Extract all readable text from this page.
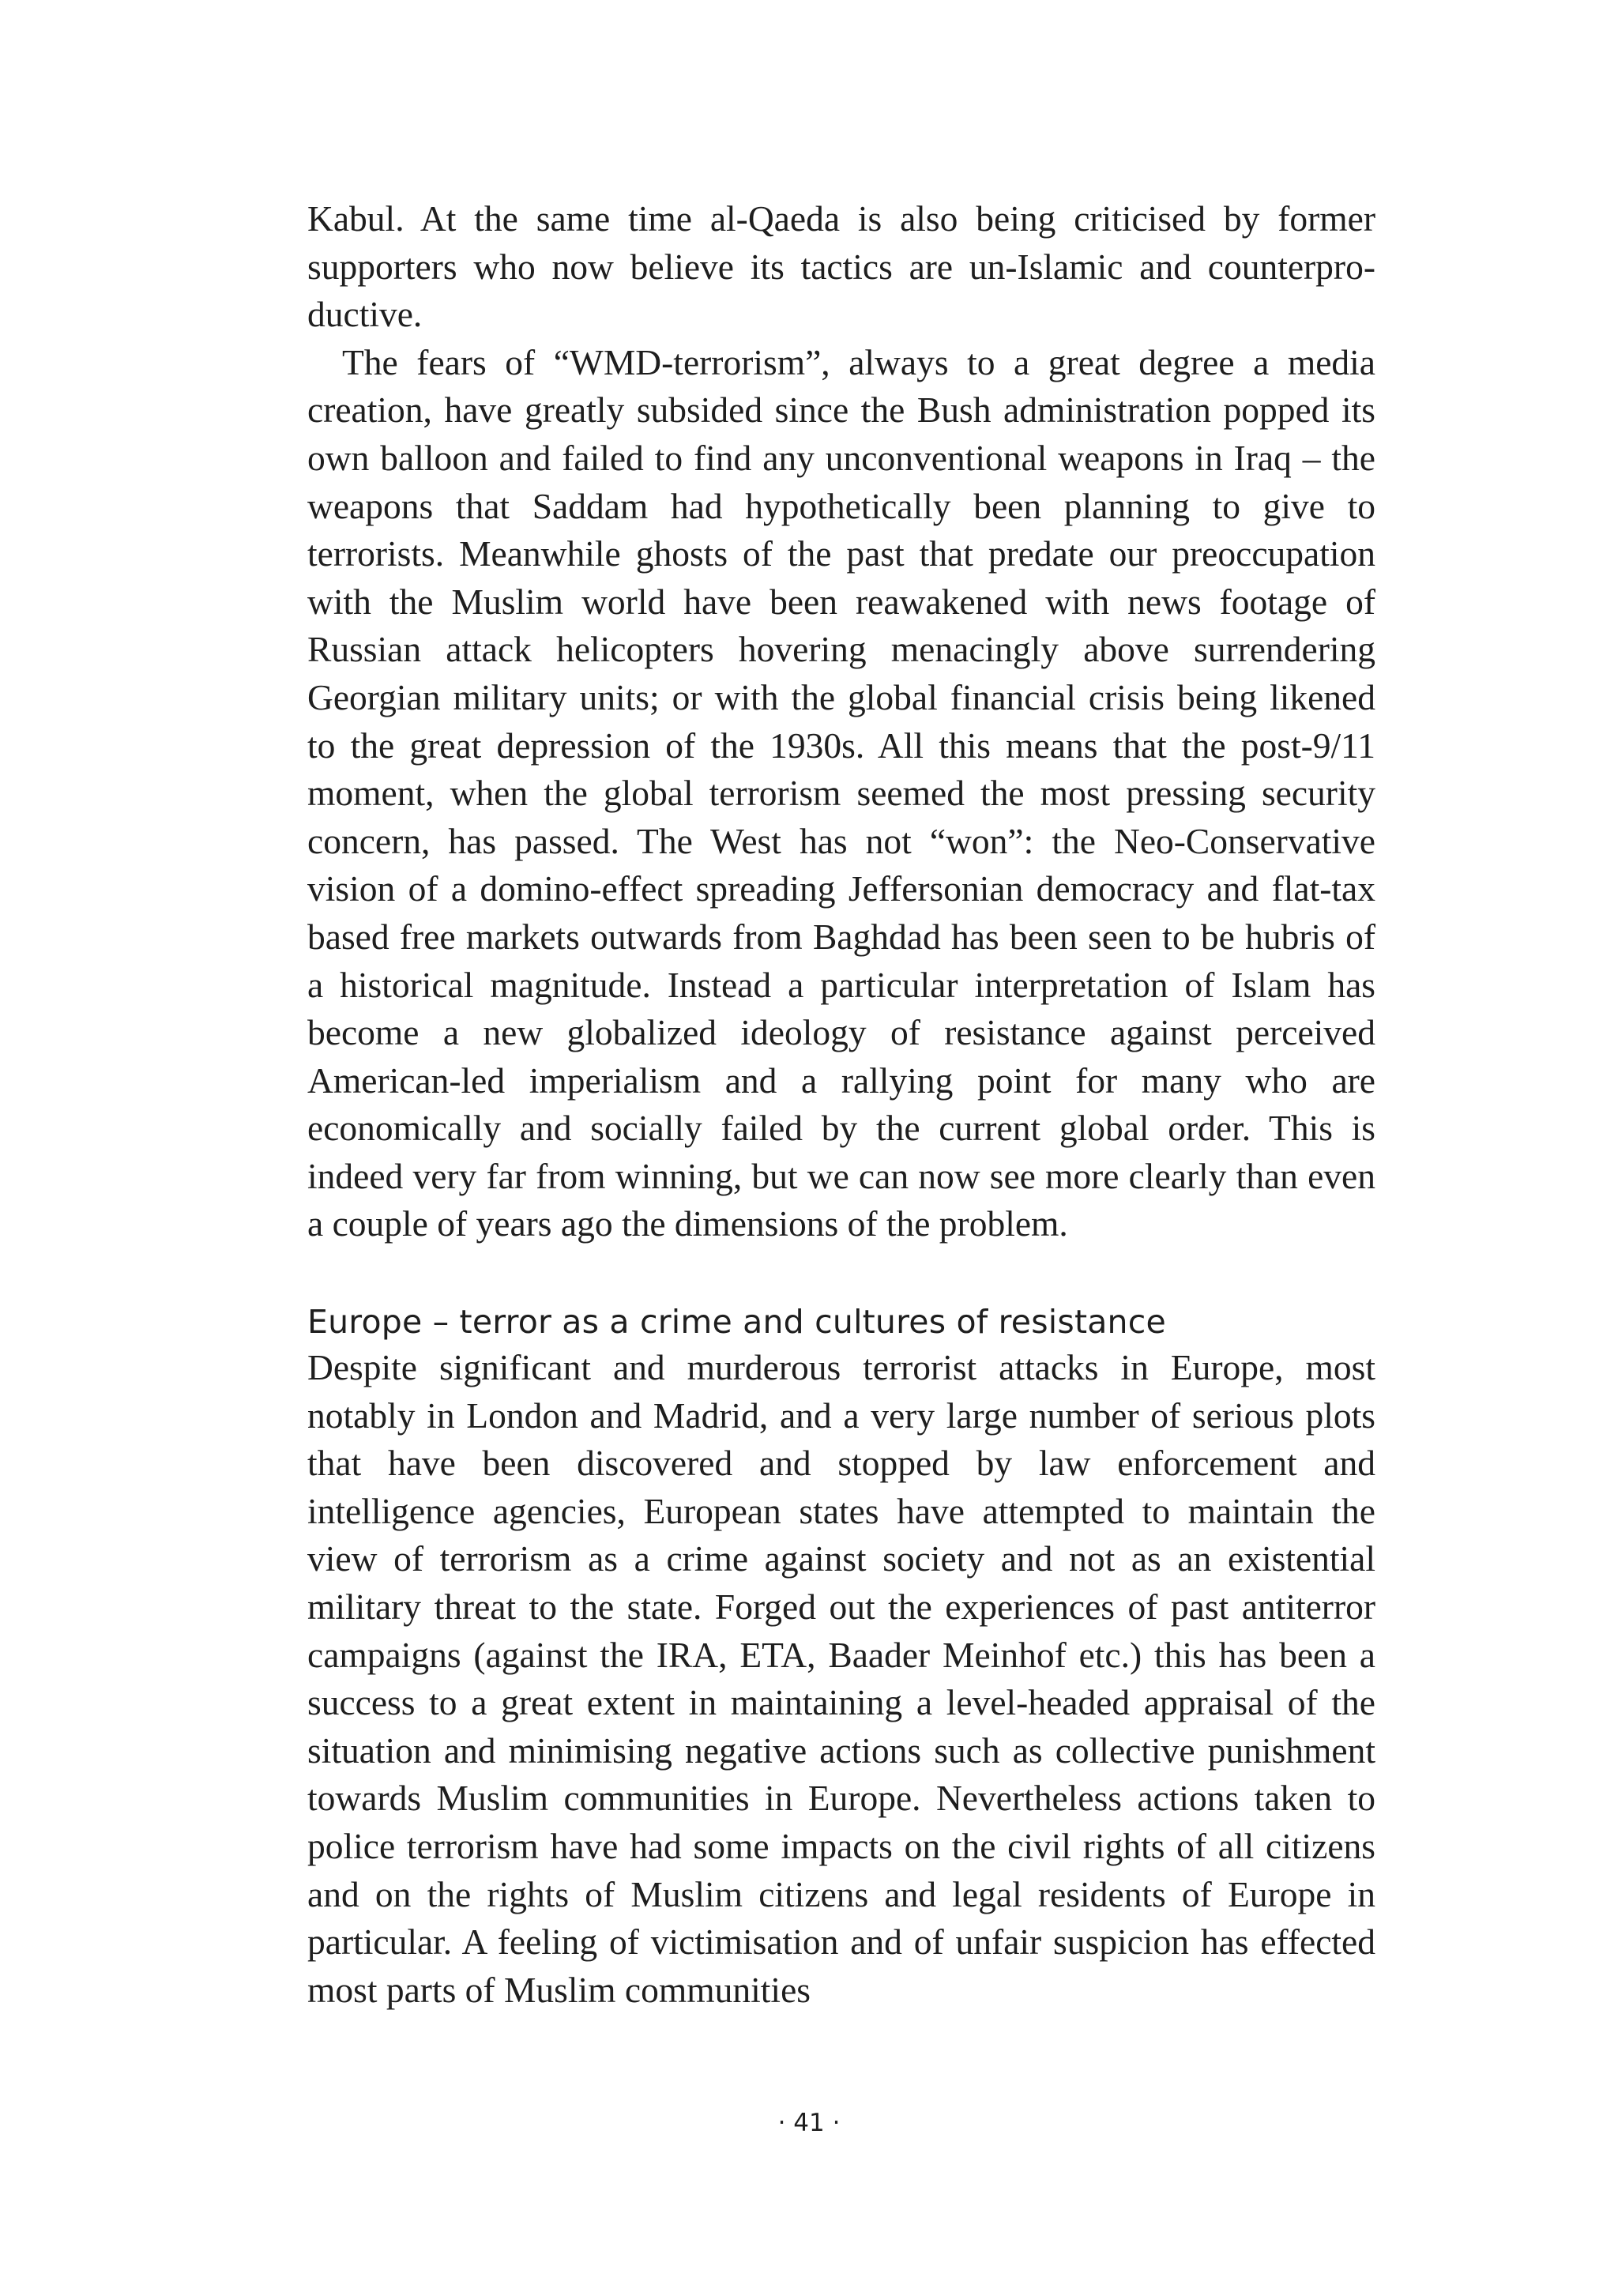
Kabul. At the same time al-Qaeda is also being criticised by former supporters who now believe its tactics are un-Islamic and counterproductive.

The fears of “WMD-terrorism”, always to a great degree a media creation, have greatly subsided since the Bush administration popped its own balloon and failed to find any unconventional weapons in Iraq – the weapons that Saddam had hypothetically been planning to give to terrorists. Meanwhile ghosts of the past that predate our preoccupation with the Muslim world have been reawakened with news footage of Russian attack helicopters hovering menacingly above surrendering Georgian military units; or with the global financial crisis being likened to the great depression of the 1930s. All this means that the post-9/11 moment, when the global terrorism seemed the most pressing security concern, has passed. The West has not “won”: the Neo-Conservative vision of a domino-effect spreading Jeffersonian democracy and flat-tax based free markets outwards from Baghdad has been seen to be hubris of a historical magnitude. Instead a particular interpretation of Islam has become a new globalized ideology of resistance against perceived American-led imperialism and a rallying point for many who are economically and socially failed by the current global order. This is indeed very far from winning, but we can now see more clearly than even a couple of years ago the dimensions of the problem.

Europe – terror as a crime and cultures of resistance

Despite significant and murderous terrorist attacks in Europe, most notably in London and Madrid, and a very large number of serious plots that have been discovered and stopped by law enforcement and intelligence agencies, European states have attempted to maintain the view of terrorism as a crime against society and not as an existential military threat to the state. Forged out the experiences of past antiterror campaigns (against the IRA, ETA, Baader Meinhof etc.) this has been a success to a great extent in maintaining a level-headed appraisal of the situation and minimising negative actions such as collective punishment towards Muslim communities in Europe. Nevertheless actions taken to police terrorism have had some impacts on the civil rights of all citizens and on the rights of Muslim citizens and legal residents of Europe in particular. A feeling of victimisation and of unfair suspicion has effected most parts of Muslim communities

· 41 ·
